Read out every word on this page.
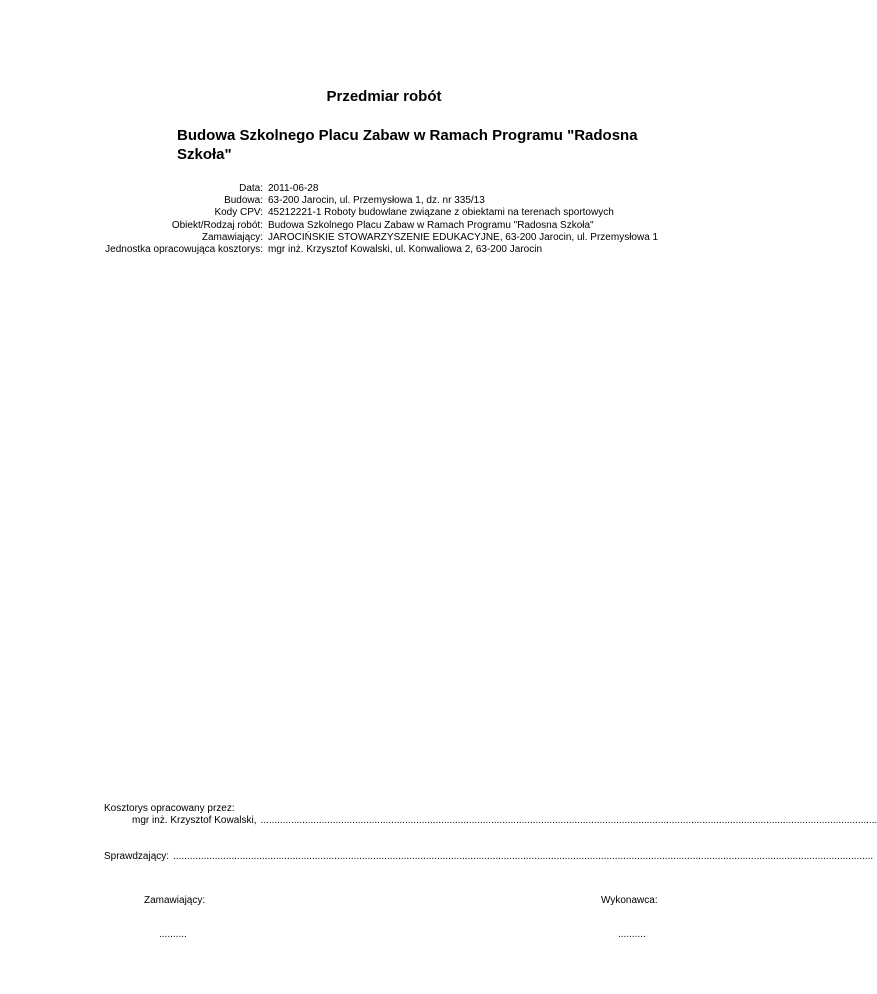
Przedmiar robót
Budowa Szkolnego Placu Zabaw w Ramach Programu "Radosna Szkoła"
Data: 2011-06-28
Budowa: 63-200 Jarocin, ul. Przemysłowa 1, dz. nr 335/13
Kody CPV: 45212221-1 Roboty budowlane związane z obiektami na terenach sportowych
Obiekt/Rodzaj robót: Budowa Szkolnego Placu Zabaw w Ramach Programu "Radosna Szkoła"
Zamawiający: JAROCIŃSKIE STOWARZYSZENIE EDUKACYJNE, 63-200 Jarocin, ul. Przemysłowa 1
Jednostka opracowująca kosztorys: mgr inż. Krzysztof Kowalski, ul. Konwaliowa 2, 63-200 Jarocin
Kosztorys opracowany przez:
mgr inż. Krzysztof Kowalski, ..............................................................................................................................................................................................................................
Sprawdzający: ............................................................................................................................................................................................................................................................
Zamawiający:	Wykonawca:
..........	..........
